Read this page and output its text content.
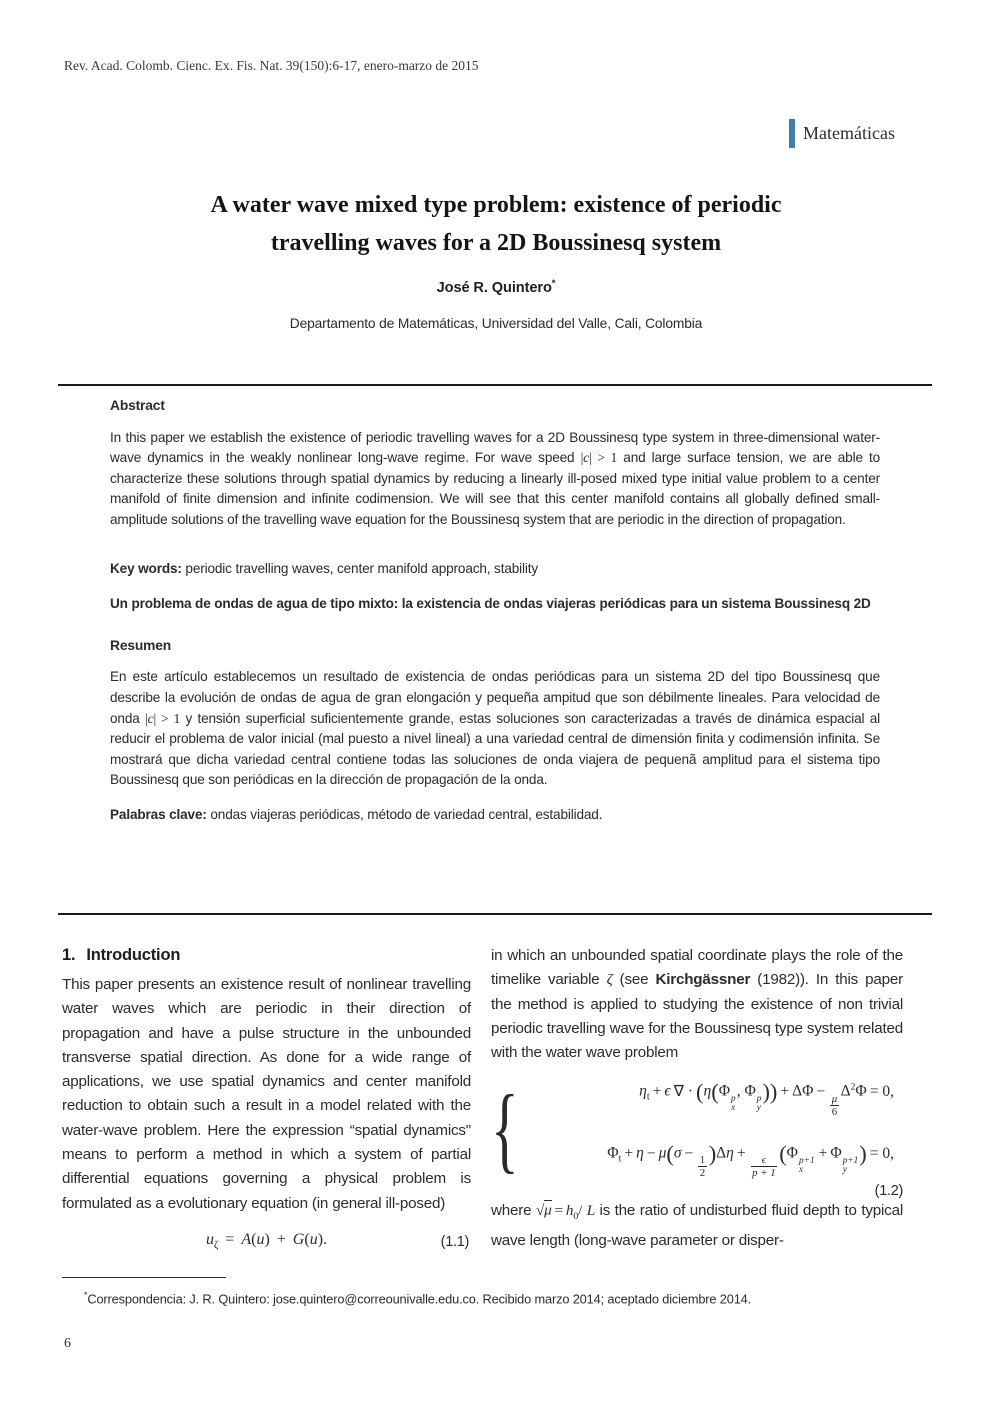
Rev. Acad. Colomb. Cienc. Ex. Fis. Nat. 39(150):6-17, enero-marzo de 2015
Matemáticas
A water wave mixed type problem: existence of periodic
travelling waves for a 2D Boussinesq system
José R. Quintero*
Departamento de Matemáticas, Universidad del Valle, Cali, Colombia
Abstract

In this paper we establish the existence of periodic travelling waves for a 2D Boussinesq type system in three-dimensional water-wave dynamics in the weakly nonlinear long-wave regime. For wave speed |c| > 1 and large surface tension, we are able to characterize these solutions through spatial dynamics by reducing a linearly ill-posed mixed type initial value problem to a center manifold of finite dimension and infinite codimension. We will see that this center manifold contains all globally defined small-amplitude solutions of the travelling wave equation for the Boussinesq system that are periodic in the direction of propagation.

Key words: periodic travelling waves, center manifold approach, stability

Un problema de ondas de agua de tipo mixto: la existencia de ondas viajeras periódicas para un sistema Boussinesq 2D

Resumen

En este artículo establecemos un resultado de existencia de ondas periódicas para un sistema 2D del tipo Boussinesq que describe la evolución de ondas de agua de gran elongación y pequeña ampitud que son débilmente lineales. Para velocidad de onda |c| > 1 y tensión superficial suficientemente grande, estas soluciones son caracterizadas a través de dinámica espacial al reducir el problema de valor inicial (mal puesto a nivel lineal) a una variedad central de dimensión finita y codimensión infinita. Se mostrará que dicha variedad central contiene todas las soluciones de onda viajera de pequenã amplitud para el sistema tipo Boussinesq que son periódicas en la dirección de propagación de la onda.

Palabras clave: ondas viajeras periódicas, método de variedad central, estabilidad.

1. Introduction

This paper presents an existence result of nonlinear travelling water waves which are periodic in their direction of propagation and have a pulse structure in the unbounded transverse spatial direction. As done for a wide range of applications, we use spatial dynamics and center manifold reduction to obtain such a result in a model related with the water-wave problem. Here the expression “spatial dynamics" means to perform a method in which a system of partial differential equations governing a physical problem is formulated as a evolutionary equation (in general ill-posed)

$u_\zeta = A(u) + G(u)$.	(1.1)

in which an unbounded spatial coordinate plays the role of the timelike variable ζ (see Kirchgässner (1982)). In this paper the method is applied to studying the existence of non trivial periodic travelling wave for the Boussinesq type system related with the water wave problem

{	$\eta_t + \epsilon$ ∇ · (η(Φ p
x
, Φ p
y
)) + ΔΦ −
$\frac{\mu}{6}$
$\Delta^2\Phi = 0$,
$\Phi_t + \eta - \mu(\sigma$ −
$\frac{1}{2}$
)Δη +
$\frac{\epsilon}{p + 1}$
(Φ p+1
x
+ Φ p+1
y
) = 0,
(1.2)

where $√\mu = h_0/$ L is the ratio of undisturbed fluid depth to typical wave length (long-wave parameter or disper-

*Correspondencia: J. R. Quintero: jose.quintero@correounivalle.edu.co. Recibido marzo 2014; aceptado diciembre 2014.
6
